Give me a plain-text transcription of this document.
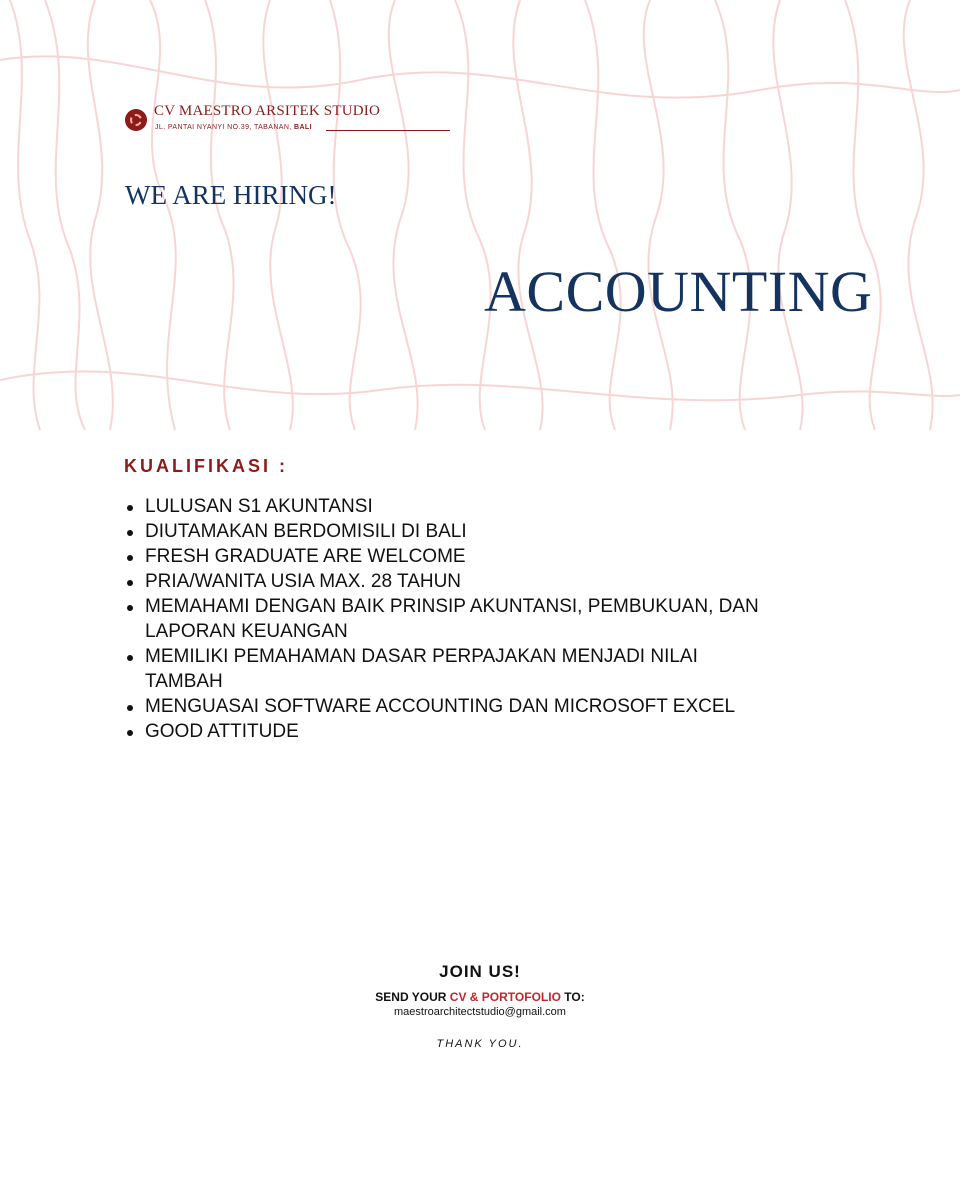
CV MAESTRO ARSITEK STUDIO
JL. PANTAI NYANYI NO.39, TABANAN, BALI
WE ARE HIRING!
ACCOUNTING
KUALIFIKASI :
LULUSAN S1 AKUNTANSI
DIUTAMAKAN BERDOMISILI DI BALI
FRESH GRADUATE ARE WELCOME
PRIA/WANITA USIA MAX. 28 TAHUN
MEMAHAMI DENGAN BAIK PRINSIP AKUNTANSI, PEMBUKUAN, DAN LAPORAN KEUANGAN
MEMILIKI PEMAHAMAN DASAR PERPAJAKAN MENJADI NILAI TAMBAH
MENGUASAI SOFTWARE ACCOUNTING DAN MICROSOFT EXCEL
GOOD ATTITUDE
JOIN US!
SEND YOUR CV & PORTOFOLIO TO:
maestroarchitectstudio@gmail.com
THANK YOU.
